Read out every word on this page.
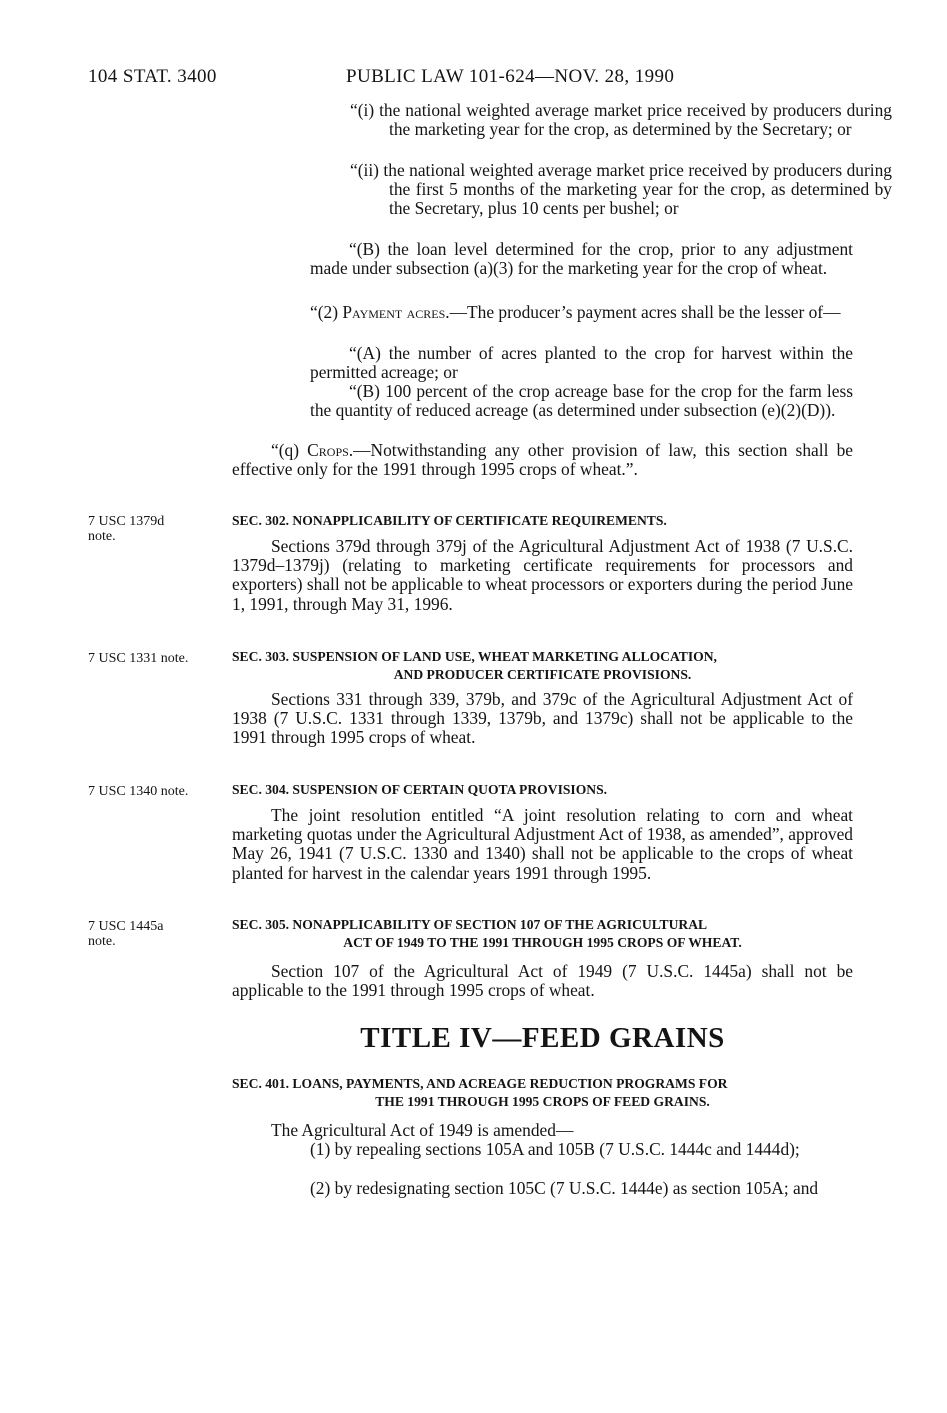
104 STAT. 3400	PUBLIC LAW 101-624—NOV. 28, 1990
“(i) the national weighted average market price received by producers during the marketing year for the crop, as determined by the Secretary; or
“(ii) the national weighted average market price received by producers during the first 5 months of the marketing year for the crop, as determined by the Secretary, plus 10 cents per bushel; or
“(B) the loan level determined for the crop, prior to any adjustment made under subsection (a)(3) for the marketing year for the crop of wheat.
“(2) Payment acres.—The producer’s payment acres shall be the lesser of—
“(A) the number of acres planted to the crop for harvest within the permitted acreage; or
“(B) 100 percent of the crop acreage base for the crop for the farm less the quantity of reduced acreage (as determined under subsection (e)(2)(D)).
“(q) Crops.—Notwithstanding any other provision of law, this section shall be effective only for the 1991 through 1995 crops of wheat.”.
7 USC 1379d
note.
SEC. 302. NONAPPLICABILITY OF CERTIFICATE REQUIREMENTS.
Sections 379d through 379j of the Agricultural Adjustment Act of 1938 (7 U.S.C. 1379d–1379j) (relating to marketing certificate requirements for processors and exporters) shall not be applicable to wheat processors or exporters during the period June 1, 1991, through May 31, 1996.
7 USC 1331 note.	SEC. 303. SUSPENSION OF LAND USE, WHEAT MARKETING ALLOCATION,
AND PRODUCER CERTIFICATE PROVISIONS.
Sections 331 through 339, 379b, and 379c of the Agricultural Adjustment Act of 1938 (7 U.S.C. 1331 through 1339, 1379b, and 1379c) shall not be applicable to the 1991 through 1995 crops of wheat.
7 USC 1340 note.	SEC. 304. SUSPENSION OF CERTAIN QUOTA PROVISIONS.
The joint resolution entitled “A joint resolution relating to corn and wheat marketing quotas under the Agricultural Adjustment Act of 1938, as amended”, approved May 26, 1941 (7 U.S.C. 1330 and 1340) shall not be applicable to the crops of wheat planted for harvest in the calendar years 1991 through 1995.
7 USC 1445a
note.
SEC. 305. NONAPPLICABILITY OF SECTION 107 OF THE AGRICULTURAL
ACT OF 1949 TO THE 1991 THROUGH 1995 CROPS OF WHEAT.
Section 107 of the Agricultural Act of 1949 (7 U.S.C. 1445a) shall not be applicable to the 1991 through 1995 crops of wheat.
TITLE IV—FEED GRAINS
SEC. 401. LOANS, PAYMENTS, AND ACREAGE REDUCTION PROGRAMS FOR
THE 1991 THROUGH 1995 CROPS OF FEED GRAINS.
The Agricultural Act of 1949 is amended—
(1) by repealing sections 105A and 105B (7 U.S.C. 1444c and 1444d);
(2) by redesignating section 105C (7 U.S.C. 1444e) as section 105A; and
